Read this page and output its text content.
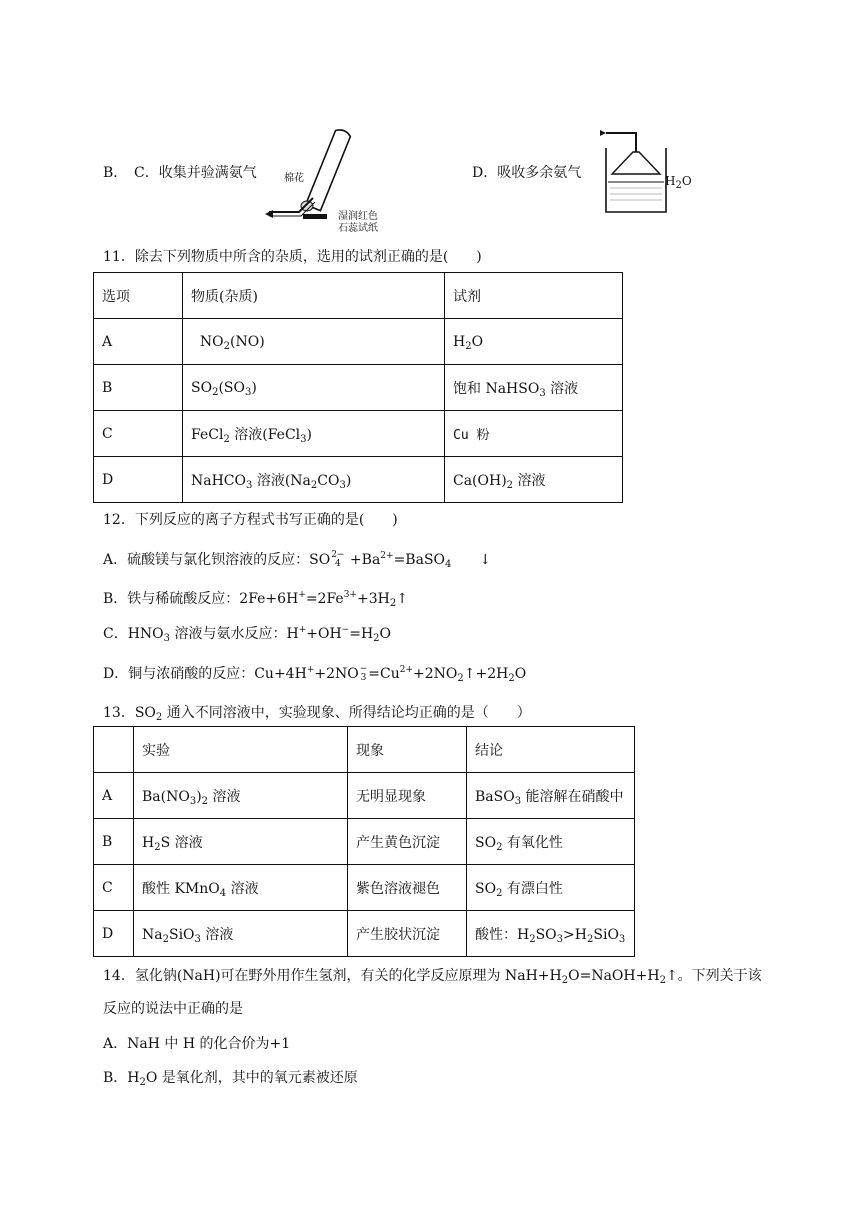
B． C．收集并验满氨气	棉花
湿润红色
石蕊试纸
D．吸收多余氨气	$H_2O$
11．除去下列物质中所含的杂质，选用的试剂正确的是(　　)
选项	物质(杂质)	试剂
A	$NO_2(NO)$	$H_2O$
B	$SO_2(SO_3)$	饱和 NaHSO$_3$ 溶液
C	FeCl$_2$ 溶液(FeCl$_3$)	Cu 粉
D	NaHCO$_3$ 溶液$(Na_2CO_3)$	$Ca(OH)_2$ 溶液
12．下列反应的离子方程式书写正确的是(　　)
A．硫酸镁与氯化钡溶液的反应：SO 2−
$4 +Ba^{2+}=BaSO_4$ ↓
B．铁与稀硫酸反应：$2Fe+6H^+=2Fe^{3+}+3H_2↑$
C．$HNO_3$ 溶液与氨水反应：$H^++OH^-=H_2O$
D．铜与浓硝酸的反应：Cu+4H++2NO −
$3 =Cu^{2+}+2NO_2↑+2H_2O$
13．$SO_2$ 通入不同溶液中，实验现象、所得结论均正确的是（　　）
	实验	现象	结论
A	$Ba(NO_3)_2$ 溶液	无明显现象	BaSO$_3$ 能溶解在硝酸中
B	$H_2S$ 溶液	产生黄色沉淀	$SO_2$ 有氧化性
C	酸性 KMnO$_4$ 溶液	紫色溶液褪色	$SO_2$ 有漂白性
D	$Na_2SiO_3$ 溶液	产生胶状沉淀	酸性：$H_2SO_3>H_2SiO_3$
14．氢化钠(NaH)可在野外用作生氢剂，有关的化学反应原理为 $NaH+H_2O=NaOH+H_2↑$。下列关于该
反应的说法中正确的是
A．NaH 中 H 的化合价为+1
B．$H_2O$ 是氧化剂，其中的氧元素被还原
